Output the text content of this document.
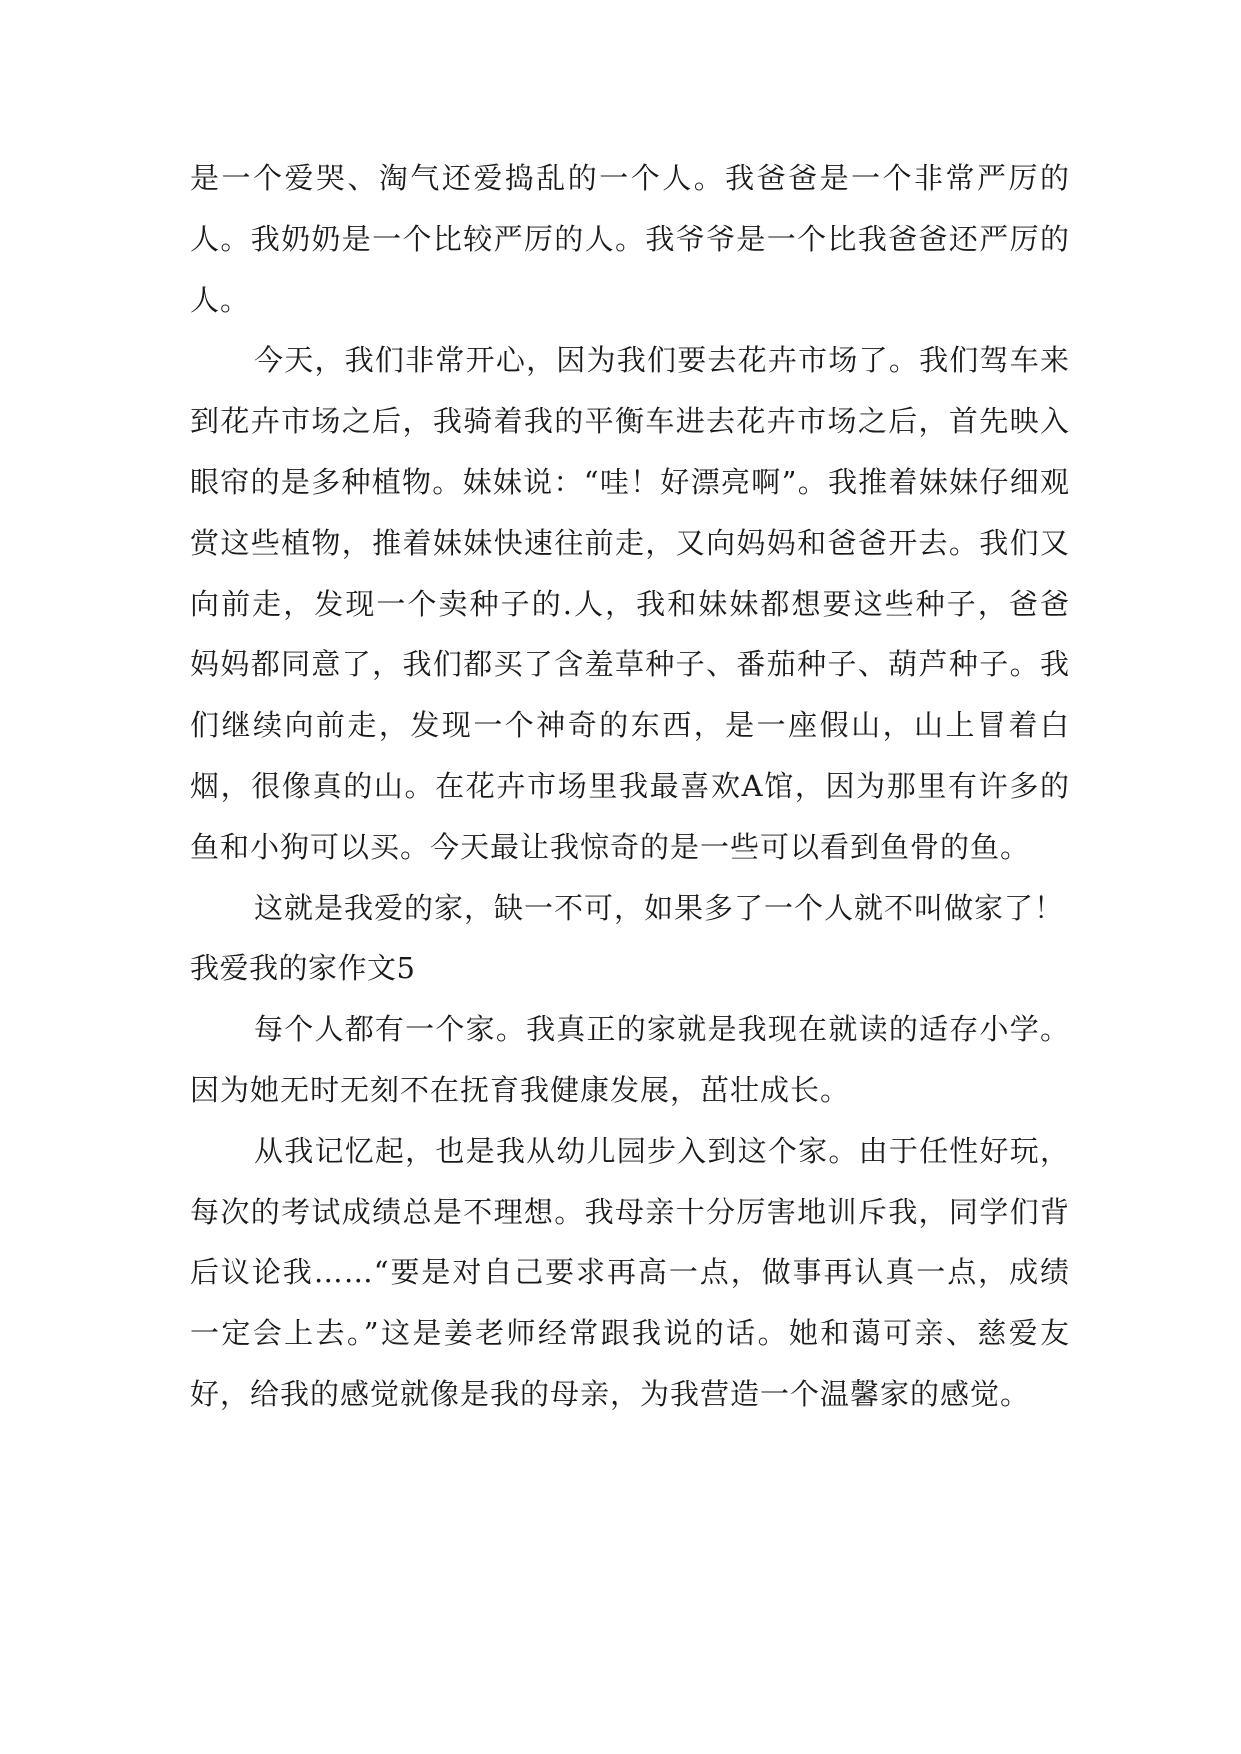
是一个爱哭、淘气还爱捣乱的一个人。我爸爸是一个非常严厉的人。我奶奶是一个比较严厉的人。我爷爷是一个比我爸爸还严厉的人。

今天，我们非常开心，因为我们要去花卉市场了。我们驾车来到花卉市场之后，我骑着我的平衡车进去花卉市场之后，首先映入眼帘的是多种植物。妹妹说：“哇！好漂亮啊”。我推着妹妹仔细观赏这些植物，推着妹妹快速往前走，又向妈妈和爸爸开去。我们又向前走，发现一个卖种子的.人，我和妹妹都想要这些种子，爸爸妈妈都同意了，我们都买了含羞草种子、番茄种子、葫芦种子。我们继续向前走，发现一个神奇的东西，是一座假山，山上冒着白烟，很像真的山。在花卉市场里我最喜欢A馆，因为那里有许多的鱼和小狗可以买。今天最让我惊奇的是一些可以看到鱼骨的鱼。

这就是我爱的家，缺一不可，如果多了一个人就不叫做家了！

我爱我的家作文5

每个人都有一个家。我真正的家就是我现在就读的适存小学。因为她无时无刻不在抚育我健康发展，茁壮成长。

从我记忆起，也是我从幼儿园步入到这个家。由于任性好玩，每次的考试成绩总是不理想。我母亲十分厉害地训斥我，同学们背后议论我……“要是对自己要求再高一点，做事再认真一点，成绩一定会上去。”这是姜老师经常跟我说的话。她和蔼可亲、慈爱友好，给我的感觉就像是我的母亲，为我营造一个温馨家的感觉。
